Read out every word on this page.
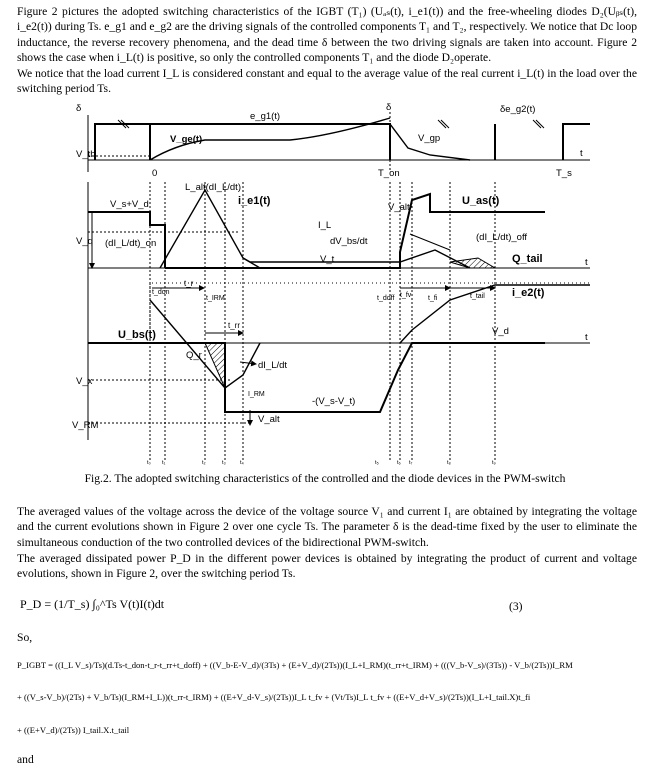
Figure 2 pictures the adopted switching characteristics of the IGBT (T₁) (Uₐₛ(t), i_e1(t)) and the free-wheeling diodes D₂(Uᵦₛ(t), i_e2(t)) during Ts. e_g1 and e_g2 are the driving signals of the controlled components T₁ and T₂, respectively. We notice that Dc loop inductance, the reverse recovery phenomena, and the dead time δ between the two driving signals are taken into account. Figure 2 shows the case when i_L(t) is positive, so only the controlled components T₁ and the diode D₂operate.

We notice that the load current I_L is considered constant and equal to the average value of the real current i_L(t) in the load over the switching period Ts.

δ	δ
e_g1(t)
δe_g2(t)
V_ge(t)	V_gp
V_th
0	T_on	T_s
t
t
t
L_alt(dI_L/dt)
i_e1(t)	U_as(t)
V_s+V_d
V_q (dI_L/dt)_on
I_L
dV_bs/dt
V_t
V_alt
(dI_L/dt)_off
Q_tail
t_don
t_r
t_IRM
t_rr
t_doff t_fv t_fi	t_tail i_e2(t)
U_bs(t)
Q_r
dI_L/dt
I_RM
V_d
V_x
V_RM
V_alt
-(V_s-V_t)
t₀ t₁	t₂	t₃	t₄	t₅	t₆ t₇	t₈	t₉
Fig.2. The adopted switching characteristics of the controlled and the diode devices in the PWM-switch

The averaged values of the voltage across the device of the voltage source V₁ and current I₁ are obtained by integrating the voltage and the current evolutions shown in Figure 2 over one cycle Ts. The parameter δ is the dead-time fixed by the user to eliminate the simultaneous conduction of the two controlled devices of the bidirectional PWM-switch.

The averaged dissipated power P_D in the different power devices is obtained by integrating the product of current and voltage evolutions, shown in Figure 2, over the switching period Ts.

P_D = (1/T_s) ∫₀^Ts V(t)I(t)dt	(3)
So,
P_IGBT = ((I_L V_s)/Ts)(d.Ts-t_don-t_r-t_rr+t_doff) + ((V_b-E-V_d)/(3Ts) + (E+V_d)/(2Ts))(I_L+I_RM)(t_rr+t_IRM) + (((V_b-V_s)/(3Ts)) - V_b/(2Ts))I_RM
+ ((V_s-V_b)/(2Ts) + V_b/Ts)(I_RM+I_L))(t_rr-t_IRM) + ((E+V_d-V_s)/(2Ts))I_L t_fv + (Vt/Ts)I_L t_fv + ((E+V_d+V_s)/(2Ts))(I_L+I_tail.X)t_fi
+ ((E+V_d)/(2Ts)) I_tail.X.t_tail
and
